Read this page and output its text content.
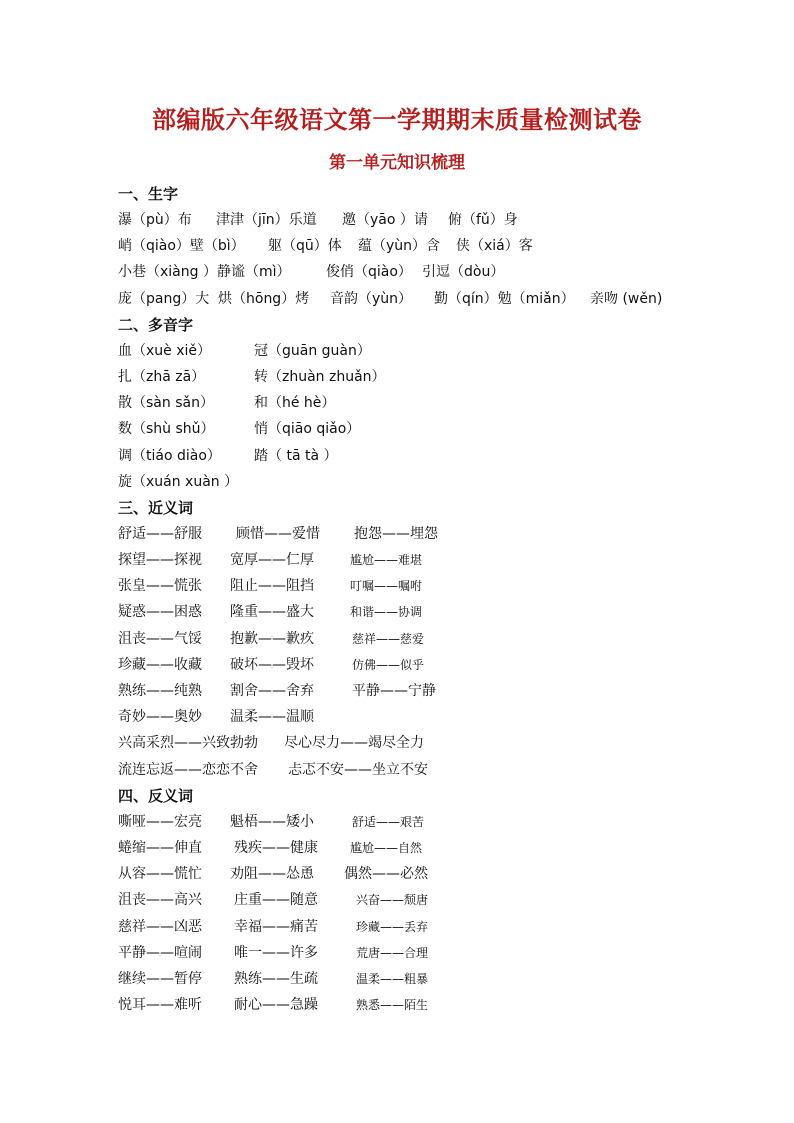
部编版六年级语文第一学期期末质量检测试卷
第一单元知识梳理
一、生字
瀑（pù）布 津津（jīn）乐道 邀（yāo ）请 俯（fǔ）身
峭（qiào）壁（bì） 躯（qū）体 蕴（yùn）含 侠（xiá）客
小巷（xiàng ）静谧（mì）	俊俏（qiào） 引逗（dòu）
庞（pang）大 烘（hōng）烤 音韵（yùn） 勤（qín）勉（miǎn） 亲吻 (wěn)
二、多音字
血（xuè xiě）	冠（guān guàn）
扎（zhā zā）	转（zhuàn zhuǎn）
散（sàn sǎn）	和（hé hè）
数（shù shǔ）	悄（qiāo qiǎo）
调（tiáo diào） 踏（ tā tà ）
旋（xuán xuàn ）
三、近义词
舒适——舒服 顾惜——爱惜 抱怨——埋怨
探望——探视 宽厚——仁厚	尴尬——难堪
张皇——慌张 阻止——阻挡	叮嘱——嘱咐
疑惑——困惑 隆重——盛大	和谐——协调
沮丧——气馁 抱歉——歉疚	慈祥——慈爱
珍藏——收藏 破坏——毁坏	仿佛——似乎
熟练——纯熟 割舍——舍弃	平静——宁静
奇妙——奥妙 温柔——温顺
兴高采烈——兴致勃勃 尽心尽力——竭尽全力
流连忘返——恋恋不舍 忐忑不安——坐立不安
四、反义词
嘶哑——宏亮 魁梧——矮小	舒适——艰苦
蜷缩——伸直 残疾——健康	尴尬——自然
从容——慌忙 劝阻——怂恿 偶然——必然
沮丧——高兴 庄重——随意	兴奋——颓唐
慈祥——凶恶 幸福——痛苦	珍藏——丢弃
平静——喧闹 唯一——许多	荒唐——合理
继续——暂停 熟练——生疏	温柔——粗暴
悦耳——难听 耐心——急躁	熟悉——陌生
